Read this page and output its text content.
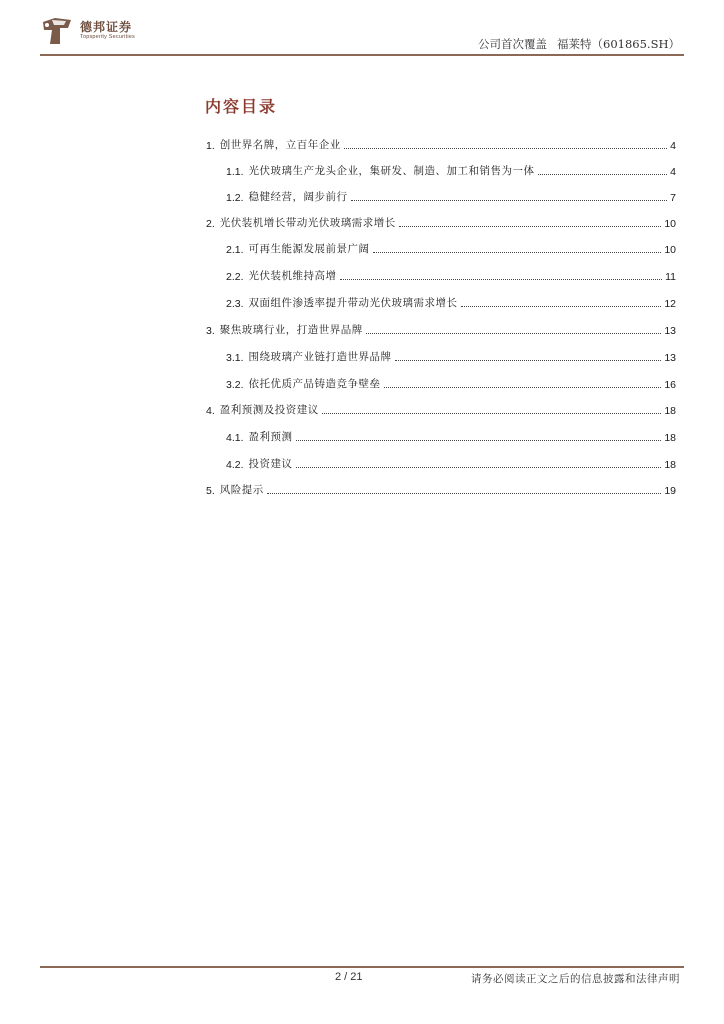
德邦证券
Topsperity Securities	公司首次覆盖 福莱特（601865.SH）
内容目录
1. 创世界名牌，立百年企业	4
1.1. 光伏玻璃生产龙头企业，集研发、制造、加工和销售为一体	4
1.2. 稳健经营，阔步前行	7
2. 光伏装机增长带动光伏玻璃需求增长	10
2.1. 可再生能源发展前景广阔	10
2.2. 光伏装机维持高增	11
2.3. 双面组件渗透率提升带动光伏玻璃需求增长	12
3. 聚焦玻璃行业，打造世界品牌	13
3.1. 围绕玻璃产业链打造世界品牌	13
3.2. 依托优质产品铸造竞争壁垒	16
4. 盈利预测及投资建议	18
4.1. 盈利预测	18
4.2. 投资建议	18
5. 风险提示	19
2 / 21	请务必阅读正文之后的信息披露和法律声明
